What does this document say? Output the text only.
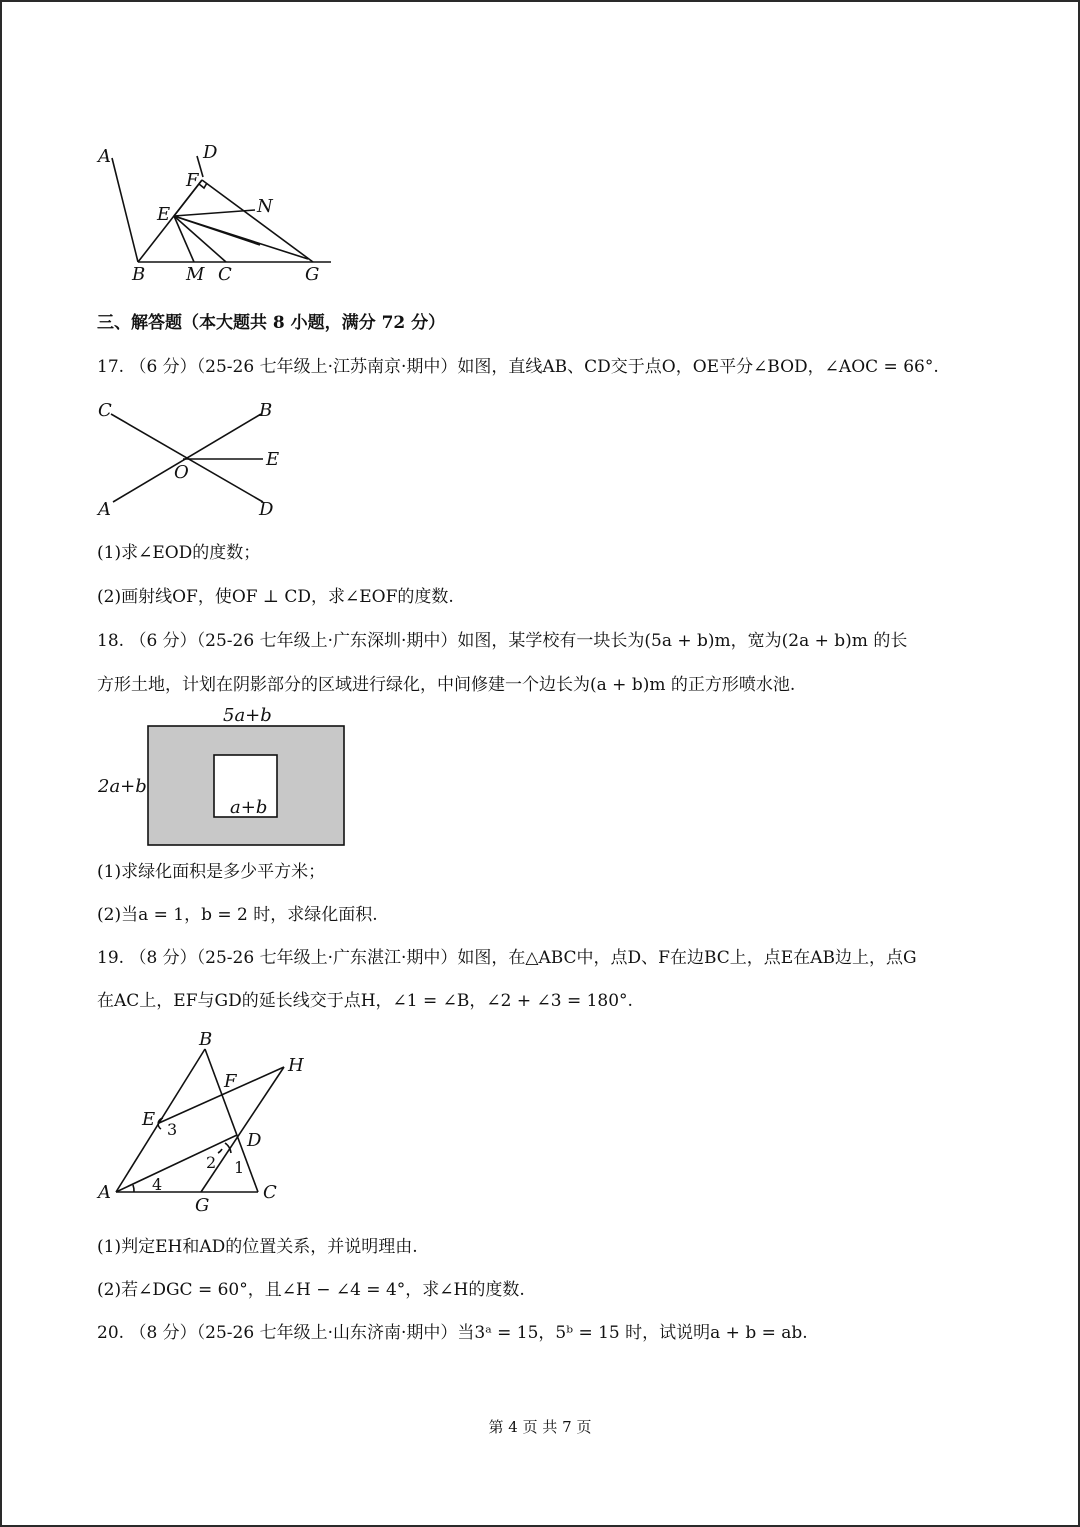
A	D
F
N
E
B M C	G
三、解答题（本大题共 8 小题，满分 72 分）
17. （6 分）（25-26 七年级上·江苏南京·期中）如图，直线AB、CD交于点O，OE平分∠BOD，∠AOC = 66°.
C	B
E
O
A	D
(1)求∠EOD的度数；
(2)画射线OF，使OF ⊥ CD，求∠EOF的度数.
18. （6 分）（25-26 七年级上·广东深圳·期中）如图，某学校有一块长为(5a + b)m，宽为(2a + b)m 的长
方形土地，计划在阴影部分的区域进行绿化，中间修建一个边长为(a + b)m 的正方形喷水池.
5a+b
2a+b
a+b
(1)求绿化面积是多少平方米；
(2)当a = 1，b = 2 时，求绿化面积.
19. （8 分）（25-26 七年级上·广东湛江·期中）如图，在△ABC中，点D、F在边BC上，点E在AB边上，点G
在AC上，EF与GD的延长线交于点H，∠1 = ∠B，∠2 + ∠3 = 180°.
B
H
F
E 3
D
2 1
A	4
G
C
(1)判定EH和AD的位置关系，并说明理由.
(2)若∠DGC = 60°，且∠H − ∠4 = 4°，求∠H的度数.
20. （8 分）（25-26 七年级上·山东济南·期中）当3ᵃ = 15，5ᵇ = 15 时，试说明a + b = ab.
第 4 页 共 7 页
